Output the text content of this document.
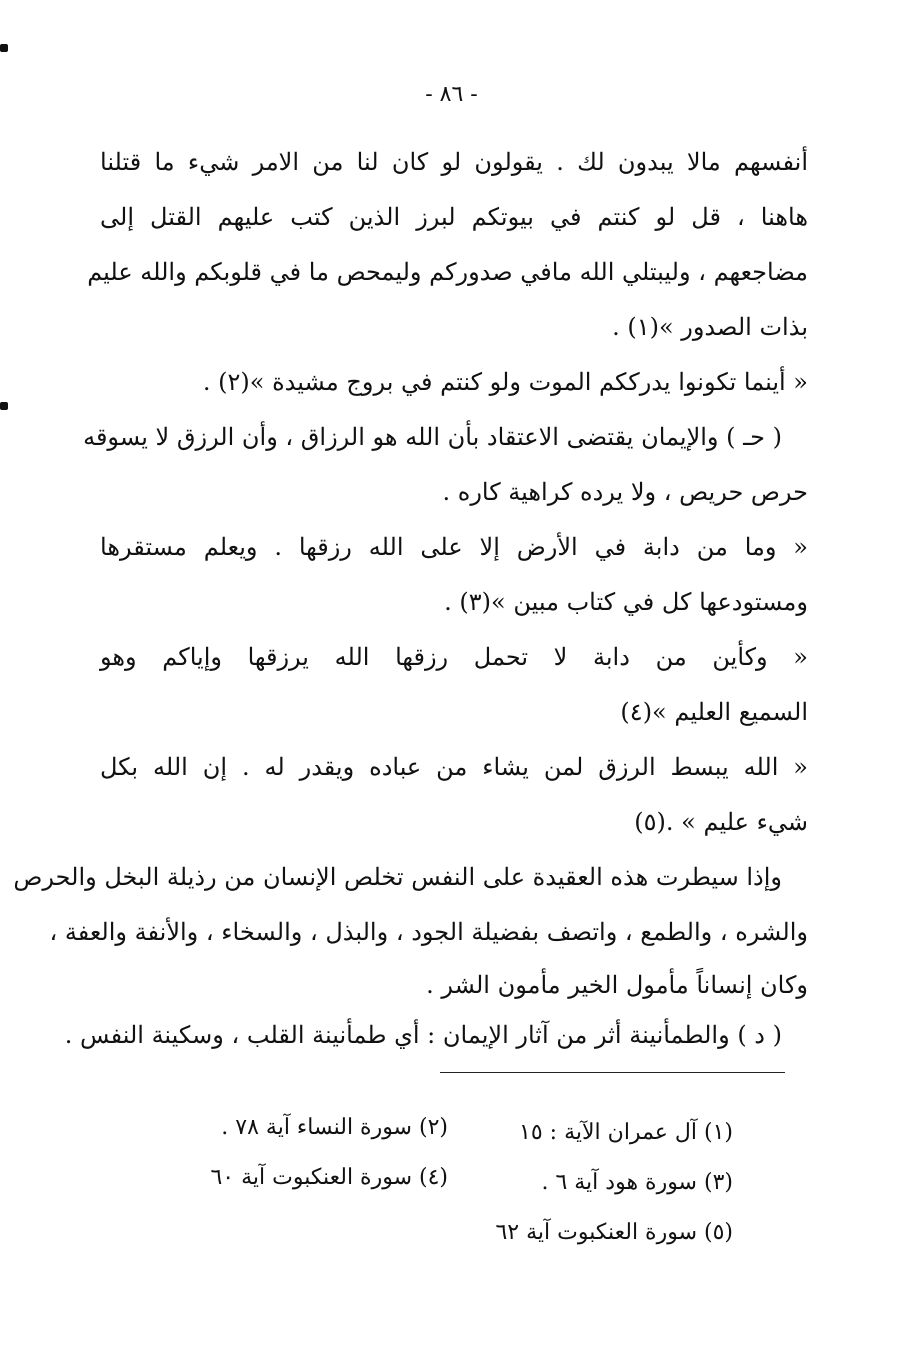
- ٨٦ -
أنفسهم مالا يبدون لك . يقولون لو كان لنا من الامر شيء ما قتلنا
هاهنا ، قل لو كنتم في بيوتكم لبرز الذين كتب عليهم القتل إلى
مضاجعهم ، وليبتلي الله مافي صدوركم وليمحص ما في قلوبكم والله عليم
بذات الصدور »(١) .
« أينما تكونوا يدرككم الموت ولو كنتم في بروج مشيدة »(٢) .
( حـ ) والإيمان يقتضى الاعتقاد بأن الله هو الرزاق ، وأن الرزق لا يسوقه
حرص حريص ، ولا يرده كراهية كاره .
« وما من دابة في الأرض إلا على الله رزقها . ويعلم مستقرها
ومستودعها كل في كتاب مبين »(٣) .
« وكأين من دابة لا تحمل رزقها الله يرزقها وإياكم وهو
السميع العليم »(٤)
« الله يبسط الرزق لمن يشاء من عباده ويقدر له . إن الله بكل
شيء عليم » .(٥)
وإذا سيطرت هذه العقيدة على النفس تخلص الإنسان من رذيلة البخل والحرص
والشره ، والطمع ، واتصف بفضيلة الجود ، والبذل ، والسخاء ، والأنفة والعفة ،
وكان إنساناً مأمول الخير مأمون الشر .
( د ) والطمأنينة أثر من آثار الإيمان : أي طمأنينة القلب ، وسكينة النفس .
(١) آل عمران الآية : ١٥
(٢) سورة النساء آية ٧٨ .
(٣) سورة هود آية ٦ .
(٤) سورة العنكبوت آية ٦٠
(٥) سورة العنكبوت آية ٦٢
